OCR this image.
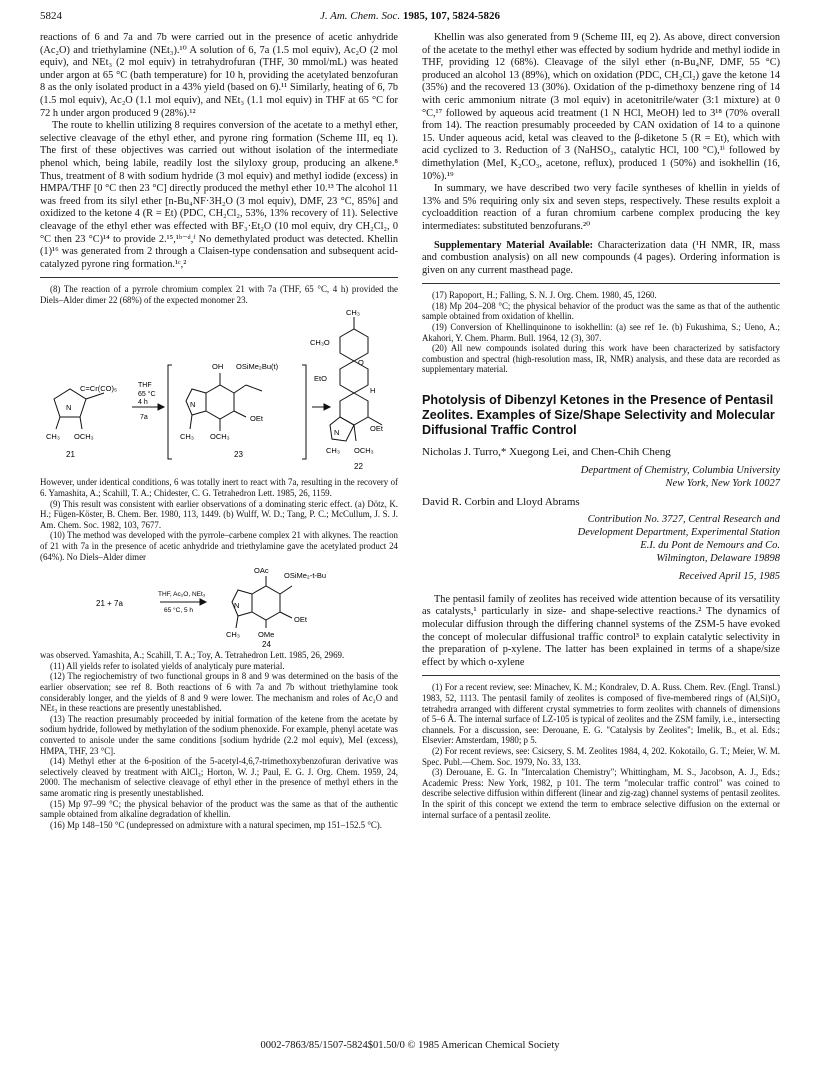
5824	J. Am. Chem. Soc. 1985, 107, 5824-5826

reactions of 6 and 7a and 7b were carried out in the presence of acetic anhydride (Ac₂O) and triethylamine (NEt₃).¹⁰ A solution of 6, 7a (1.5 mol equiv), Ac₂O (2 mol equiv), and NEt₃ (2 mol equiv) in tetrahydrofuran (THF, 30 mmol/mL) was heated under argon at 65 °C (bath temperature) for 10 h, providing the acetylated benzofuran 8 as the only isolated product in a 43% yield (based on 6).¹¹ Similarly, heating of 6, 7b (1.5 mol equiv), Ac₂O (1.1 mol equiv), and NEt₃ (1.1 mol equiv) in THF at 65 °C for 72 h under argon produced 9 (28%).¹²

The route to khellin utilizing 8 requires conversion of the acetate to a methyl ether, selective cleavage of the ethyl ether, and pyrone ring formation (Scheme III, eq 1). The first of these objectives was carried out without isolation of the intermediate phenol which, being labile, readily lost the silyloxy group, producing an alkene.⁸ Thus, treatment of 8 with sodium hydride (3 mol equiv) and methyl iodide (excess) in HMPA/THF [0 °C then 23 °C] directly produced the methyl ether 10.¹³ The alcohol 11 was freed from its silyl ether [n-Bu₄NF·3H₂O (3 mol equiv), DMF, 23 °C, 85%] and oxidized to the ketone 4 (R = Et) (PDC, CH₂Cl₂, 53%, 13% recovery of 11). Selective cleavage of the ethyl ether was effected with BF₃·Et₂O (10 mol equiv, dry CH₂Cl₂, 0 °C then 23 °C)¹⁴ to provide 2.¹⁵,¹ᵇ⁻ᵈ,ᶠ No demethylated product was detected. Khellin (1)¹⁶ was generated from 2 through a Claisen-type condensation and subsequent acid-catalyzed pyrone ring formation.¹ᶜ,²

(8) The reaction of a pyrrole chromium complex 21 with 7a (THF, 65 °C, 4 h) provided the Diels–Alder dimer 22 (68%) of the expected monomer 23.

C=Cr(CO)₅
N
CH₃ OCH₃
21
THF
65 °C
4 h
7a
OH OSiMe₂Bu(t)
OEt
N
CH₃ OCH₃
23
CH₃
CH₃O
EtO
O
H
OEt
N
CH₃ OCH₃
22

However, under identical conditions, 6 was totally inert to react with 7a, resulting in the recovery of 6. Yamashita, A.; Scahill, T. A.; Chidester, C. G. Tetrahedron Lett. 1985, 26, 1159.

(9) This result was consistent with earlier observations of a dominating steric effect. (a) Dötz, K. H.; Fügen-Köster, B. Chem. Ber. 1980, 113, 1449. (b) Wulff, W. D.; Tang, P. C.; McCullum, J. S. J. Am. Chem. Soc. 1982, 103, 7677.

(10) The method was developed with the pyrrole–carbene complex 21 with alkynes. The reaction of 21 with 7a in the presence of acetic anhydride and triethylamine gave the acetylated product 24 (64%). No Diels–Alder dimer

21 + 7a
THF, Ac₂O, NEt₃
65 °C, 5 h
OAc
OSiMe₂-t-Bu
OEt
N
CH₃ OMe
24

was observed. Yamashita, A.; Scahill, T. A.; Toy, A. Tetrahedron Lett. 1985, 26, 2969.

(11) All yields refer to isolated yields of analyticaly pure material.

(12) The regiochemistry of two functional groups in 8 and 9 was determined on the basis of the earlier observation; see ref 8. Both reactions of 6 with 7a and 7b without triethylamine took considerably longer, and the yields of 8 and 9 were lower. The mechanism and roles of Ac₂O and NEt₃ in these reactions are presently unestablished.

(13) The reaction presumably proceeded by initial formation of the ketene from the acetate by sodium hydride, followed by methylation of the sodium phenoxide. For example, phenyl acetate was converted to anisole under the same conditions [sodium hydride (2.2 mol equiv), MeI (excess), HMPA, THF, 23 °C].

(14) Methyl ether at the 6-position of the 5-acetyl-4,6,7-trimethoxybenzofuran derivative was selectively cleaved by treatment with AlCl₃; Horton, W. J.; Paul, E. G. J. Org. Chem. 1959, 24, 2000. The mechanism of selective cleavage of ethyl ether in the presence of methyl ethers in the same aromatic ring is presently unestablished.

(15) Mp 97–99 °C; the physical behavior of the product was the same as that of the authentic sample obtained from alkaline degradation of khellin.

(16) Mp 148–150 °C (undepressed on admixture with a natural specimen, mp 151–152.5 °C).

Khellin was also generated from 9 (Scheme III, eq 2). As above, direct conversion of the acetate to the methyl ether was effected by sodium hydride and methyl iodide in THF, providing 12 (68%). Cleavage of the silyl ether (n-Bu₄NF, DMF, 55 °C) produced an alcohol 13 (89%), which on oxidation (PDC, CH₂Cl₂) gave the ketone 14 (35%) and the recovered 13 (30%). Oxidation of the p-dimethoxy benzene ring of 14 with ceric ammonium nitrate (3 mol equiv) in acetonitrile/water (3:1 mixture) at 0 °C,¹⁷ followed by aqueous acid treatment (1 N HCl, MeOH) led to 3¹⁸ (70% overall from 14). The reaction presumably proceeded by CAN oxidation of 14 to a quinone 15. Under aqueous acid, ketal was cleaved to the β-diketone 5 (R = Et), which with acid cyclized to 3. Reduction of 3 (NaHSO₃, catalytic HCl, 100 °C),¹ⁱ followed by dimethylation (MeI, K₂CO₃, acetone, reflux), produced 1 (50%) and isokhellin (16, 10%).¹⁹

In summary, we have described two very facile syntheses of khellin in yields of 13% and 5% requiring only six and seven steps, respectively. These results exploit a cycloaddition reaction of a furan chromium carbene complex producing the key intermediates: substituted benzofurans.²⁰

Supplementary Material Available: Characterization data (¹H NMR, IR, mass and combustion analysis) on all new compounds (4 pages). Ordering information is given on any current masthead page.

(17) Rapoport, H.; Falling, S. N. J. Org. Chem. 1980, 45, 1260.

(18) Mp 204–208 °C; the physical behavior of the product was the same as that of the authentic sample obtained from oxidation of khellin.

(19) Conversion of Khellinquinone to isokhellin: (a) see ref 1e. (b) Fukushima, S.; Ueno, A.; Akahori, Y. Chem. Pharm. Bull. 1964, 12 (3), 307.

(20) All new compounds isolated during this work have been characterized by satisfactory combustion and spectral (high-resolution mass, IR, NMR) analysis, and these data are recorded as supplementary material.

Photolysis of Dibenzyl Ketones in the Presence of Pentasil Zeolites. Examples of Size/Shape Selectivity and Molecular Diffusional Traffic Control
Nicholas J. Turro,* Xuegong Lei, and Chen-Chih Cheng
Department of Chemistry, Columbia University
New York, New York 10027
David R. Corbin and Lloyd Abrams
Contribution No. 3727, Central Research and
Development Department, Experimental Station
E.I. du Pont de Nemours and Co.
Wilmington, Delaware 19898
Received April 15, 1985

The pentasil family of zeolites has received wide attention because of its versatility as catalysts,¹ particularly in size- and shape-selective reactions.² The dynamics of molecular diffusion through the differing channel systems of the ZSM-5 have evoked the concept of molecular diffusional traffic control³ to explain catalytic selectivity in the preparation of p-xylene. The latter has been explained in terms of a shape/size effect by which o-xylene

(1) For a recent review, see: Minachev, K. M.; Kondralev, D. A. Russ. Chem. Rev. (Engl. Transl.) 1983, 52, 1113. The pentasil family of zeolites is composed of five-membered rings of (Al,Si)O₄ tetrahedra arranged with different crystal symmetries to form zeolites with channels of dimensions of 5–6 Å. The internal surface of LZ-105 is typical of zeolites and the ZSM family, i.e., intersecting channels. For a discussion, see: Derouane, E. G. "Catalysis by Zeolites"; Imelik, B., et al. Eds.; Elsevier: Amsterdam, 1980; p 5.

(2) For recent reviews, see: Csicsery, S. M. Zeolites 1984, 4, 202. Kokotailo, G. T.; Meier, W. M. Spec. Publ.—Chem. Soc. 1979, No. 33, 133.

(3) Derouane, E. G. In "Intercalation Chemistry"; Whittingham, M. S., Jacobson, A. J., Eds.; Academic Press: New York, 1982, p 101. The term "molecular traffic control" was coined to describe selective diffusion within different (linear and zig-zag) channel systems of pentasil zeolites. In the spirit of this concept we extend the term to embrace selective diffusion on the external or internal surface of a pentasil zeolite.

0002-7863/85/1507-5824$01.50/0 © 1985 American Chemical Society
